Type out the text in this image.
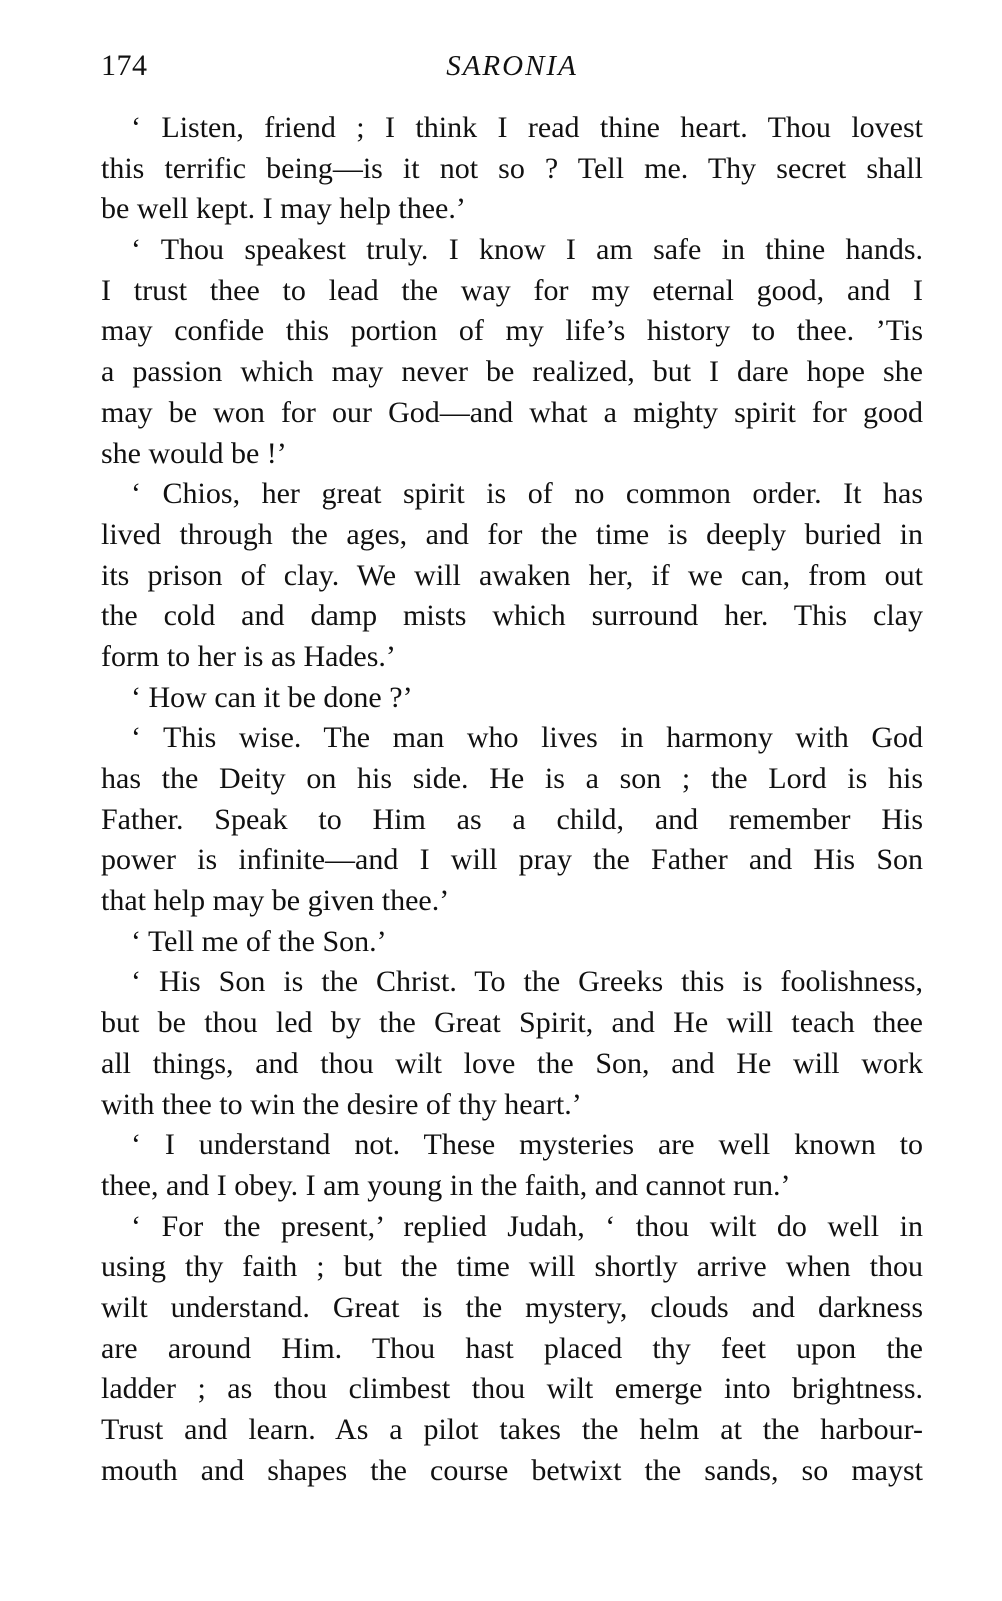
174	SARONIA
‘ Listen, friend ; I think I read thine heart. Thou lovest
this terrific being—is it not so ? Tell me. Thy secret shall
be well kept. I may help thee.’
‘ Thou speakest truly. I know I am safe in thine hands.
I trust thee to lead the way for my eternal good, and I
may confide this portion of my life’s history to thee. ’Tis
a passion which may never be realized, but I dare hope she
may be won for our God—and what a mighty spirit for good
she would be !’
‘ Chios, her great spirit is of no common order. It has
lived through the ages, and for the time is deeply buried in
its prison of clay. We will awaken her, if we can, from out
the cold and damp mists which surround her. This clay
form to her is as Hades.’
‘ How can it be done ?’
‘ This wise. The man who lives in harmony with God
has the Deity on his side. He is a son ; the Lord is his
Father. Speak to Him as a child, and remember His
power is infinite—and I will pray the Father and His Son
that help may be given thee.’
‘ Tell me of the Son.’
‘ His Son is the Christ. To the Greeks this is foolishness,
but be thou led by the Great Spirit, and He will teach thee
all things, and thou wilt love the Son, and He will work
with thee to win the desire of thy heart.’
‘ I understand not. These mysteries are well known to
thee, and I obey. I am young in the faith, and cannot run.’
‘ For the present,’ replied Judah, ‘ thou wilt do well in
using thy faith ; but the time will shortly arrive when thou
wilt understand. Great is the mystery, clouds and darkness
are around Him. Thou hast placed thy feet upon the
ladder ; as thou climbest thou wilt emerge into brightness.
Trust and learn. As a pilot takes the helm at the harbour-
mouth and shapes the course betwixt the sands, so mayst
